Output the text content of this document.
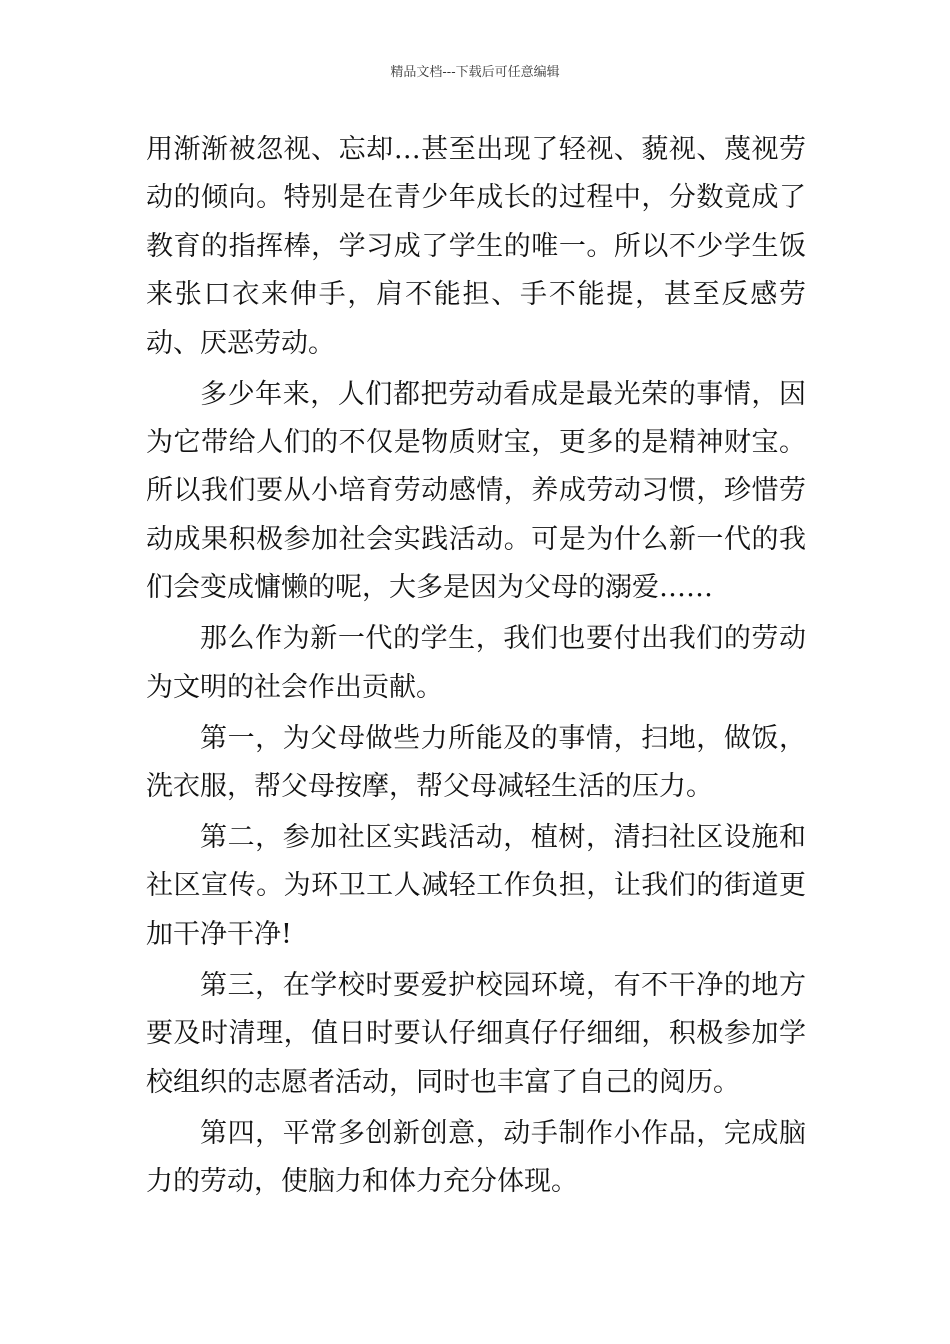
精品文档---下载后可任意编辑

用渐渐被忽视、忘却…甚至出现了轻视、藐视、蔑视劳动的倾向。特别是在青少年成长的过程中，分数竟成了教育的指挥棒，学习成了学生的唯一。所以不少学生饭来张口衣来伸手，肩不能担、手不能提，甚至反感劳动、厌恶劳动。

多少年来，人们都把劳动看成是最光荣的事情，因为它带给人们的不仅是物质财宝，更多的是精神财宝。所以我们要从小培育劳动感情，养成劳动习惯，珍惜劳动成果积极参加社会实践活动。可是为什么新一代的我们会变成慵懒的呢，大多是因为父母的溺爱……

那么作为新一代的学生，我们也要付出我们的劳动为文明的社会作出贡献。

第一，为父母做些力所能及的事情，扫地，做饭，洗衣服，帮父母按摩，帮父母减轻生活的压力。

第二，参加社区实践活动，植树，清扫社区设施和社区宣传。为环卫工人减轻工作负担，让我们的街道更加干净干净!

第三，在学校时要爱护校园环境，有不干净的地方要及时清理，值日时要认仔细真仔仔细细，积极参加学校组织的志愿者活动，同时也丰富了自己的阅历。

第四，平常多创新创意，动手制作小作品，完成脑力的劳动，使脑力和体力充分体现。
